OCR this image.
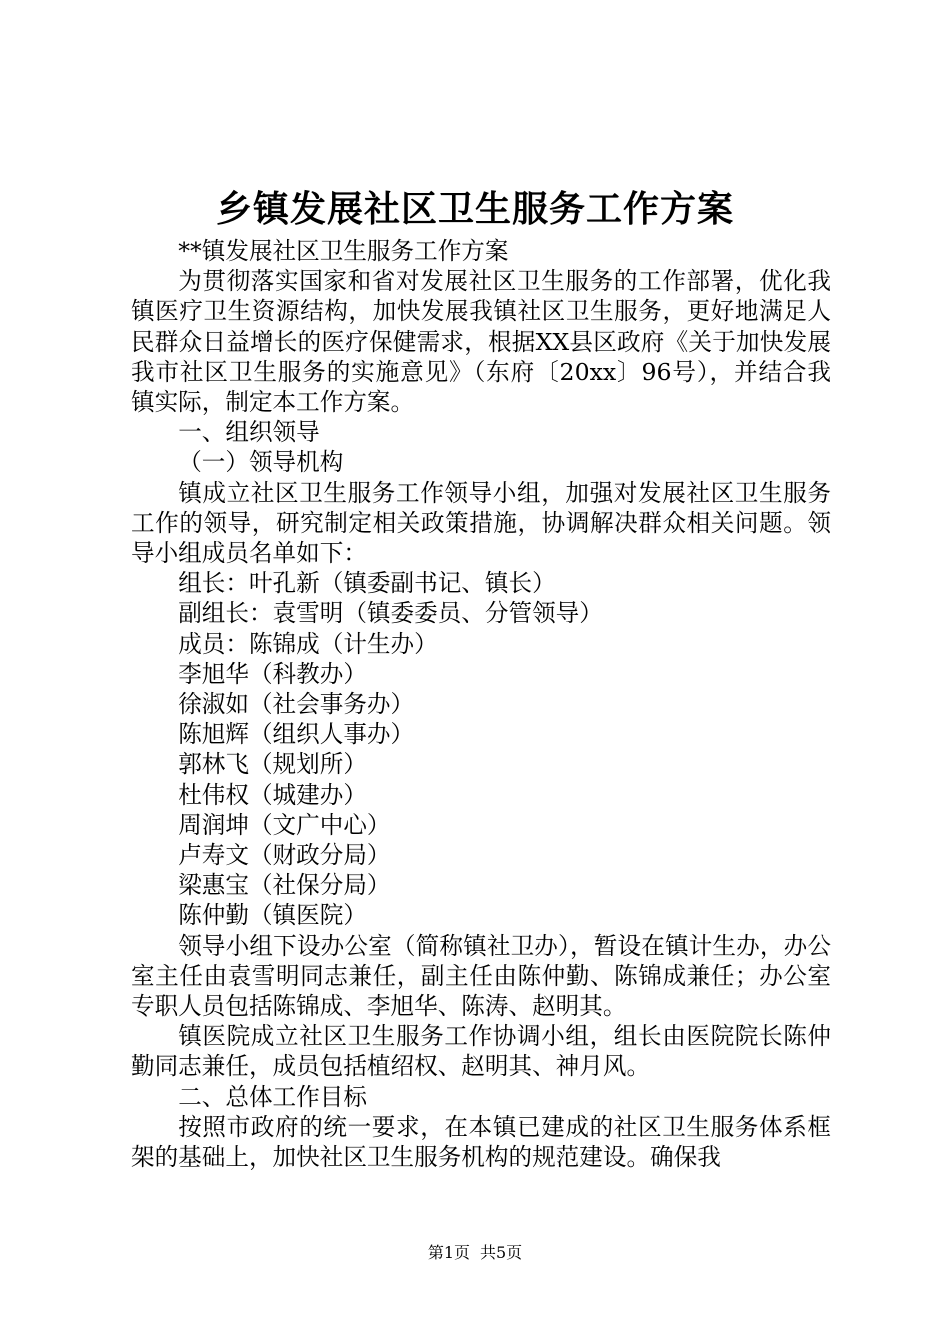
乡镇发展社区卫生服务工作方案

**镇发展社区卫生服务工作方案

为贯彻落实国家和省对发展社区卫生服务的工作部署，优化我镇医疗卫生资源结构，加快发展我镇社区卫生服务，更好地满足人民群众日益增长的医疗保健需求，根据XX县区政府《关于加快发展我市社区卫生服务的实施意见》（东府〔20xx〕96号），并结合我镇实际，制定本工作方案。

一、组织领导

（一）领导机构

镇成立社区卫生服务工作领导小组，加强对发展社区卫生服务工作的领导，研究制定相关政策措施，协调解决群众相关问题。领导小组成员名单如下：

组长：叶孔新（镇委副书记、镇长）

副组长：袁雪明（镇委委员、分管领导）

成员：陈锦成（计生办）

李旭华（科教办）

徐淑如（社会事务办）

陈旭辉（组织人事办）

郭林飞（规划所）

杜伟权（城建办）

周润坤（文广中心）

卢寿文（财政分局）

梁惠宝（社保分局）

陈仲勤（镇医院）

领导小组下设办公室（简称镇社卫办），暂设在镇计生办，办公室主任由袁雪明同志兼任，副主任由陈仲勤、陈锦成兼任；办公室专职人员包括陈锦成、李旭华、陈涛、赵明其。

镇医院成立社区卫生服务工作协调小组，组长由医院院长陈仲勤同志兼任，成员包括植绍权、赵明其、神月风。

二、总体工作目标

按照市政府的统一要求，在本镇已建成的社区卫生服务体系框架的基础上，加快社区卫生服务机构的规范建设。确保我

第1页 共5页
